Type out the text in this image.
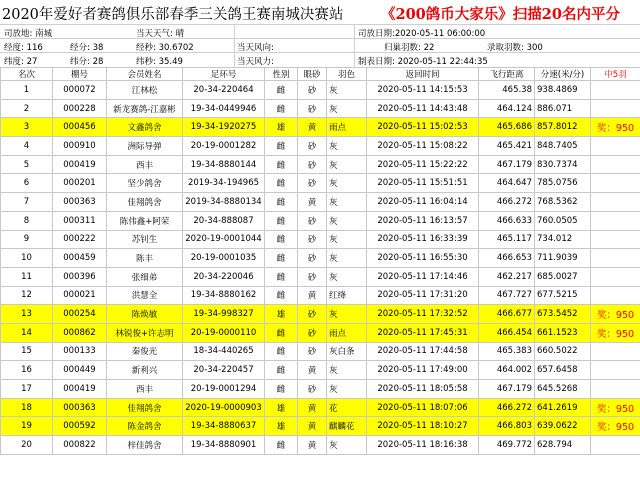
2020年爱好者赛鸽俱乐部春季三关鸽王赛南城决赛站	《200鸽币大家乐》扫描20名内平分
司放地: 南城	当天天气: 晴	司放日期:2020-05-11 06:00:00
经度: 116	经分: 38	经秒: 30.6702	当天风向:	归巢羽数: 22	录取羽数: 300
纬度: 27	纬分: 28	纬秒: 35.49	当天风力:	制表日期: 2020-05-11 22:44:35
名次	棚号	会员姓名	足环号	性别	眼砂	羽色	返回时间	飞行距离	分速(米/分)	中5羽
1	000072	江林松	20-34-220464	雌	砂	灰	2020-05-11 14:15:53	465.38	938.4869	
2	000228	新龙赛鸽-江嘉彬	19-34-0449946	雌	砂	灰	2020-05-11 14:43:48	464.124	886.071	
3	000456	文鑫鸽舍	19-34-1920275	雄	黄	雨点	2020-05-11 15:02:53	465.686	857.8012	奖：950
4	000910	洲际导弹	20-19-0001282	雌	砂	灰	2020-05-11 15:08:22	465.421	848.7405	
5	000419	西丰	19-34-8880144	雌	砂	灰	2020-05-11 15:22:22	467.179	830.7374	
6	000201	坚少鸽舍	2019-34-194965	雌	砂	灰	2020-05-11 15:51:51	464.647	785.0756	
7	000363	佳翔鸽舍	2019-34-8880134	雌	黄	灰	2020-05-11 16:04:14	466.272	768.5362	
8	000311	陈伟鑫+阿荣	20-34-888087	雌	砂	灰	2020-05-11 16:13:57	466.633	760.0505	
9	000222	苏钊生	2020-19-0001044	雌	砂	灰	2020-05-11 16:33:39	465.117	734.012	
10	000459	陈丰	20-19-0001035	雌	砂	灰	2020-05-11 16:55:30	466.653	711.9039	
11	000396	张细弟	20-34-220046	雌	砂	灰	2020-05-11 17:14:46	462.217	685.0027	
12	000021	洪慧全	19-34-8880162	雌	黄	红绛	2020-05-11 17:31:20	467.727	677.5215	
13	000254	陈焕敏	19-34-998327	雄	砂	灰	2020-05-11 17:32:52	466.677	673.5452	奖：950
14	000862	林锐俊+许志明	20-19-0000110	雌	砂	雨点	2020-05-11 17:45:31	466.454	661.1523	奖：950
15	000133	秦俊光	18-34-440265	雌	砂	灰白条	2020-05-11 17:44:58	465.383	660.5022	
16	000449	新利兴	20-34-220457	雌	黄	灰	2020-05-11 17:49:00	464.002	657.6458	
17	000419	西丰	20-19-0001294	雌	砂	灰	2020-05-11 18:05:58	467.179	645.5268	
18	000363	佳翔鸽舍	2020-19-0000903	雄	黄	花	2020-05-11 18:07:06	466.272	641.2619	奖：950
19	000592	陈金鸽舍	19-34-8880637	雄	黄	麒麟花	2020-05-11 18:10:27	466.803	639.0622	奖：950
20	000822	梓佳鸽舍	19-34-8880901	雌	黄	灰	2020-05-11 18:16:38	469.772	628.794	
